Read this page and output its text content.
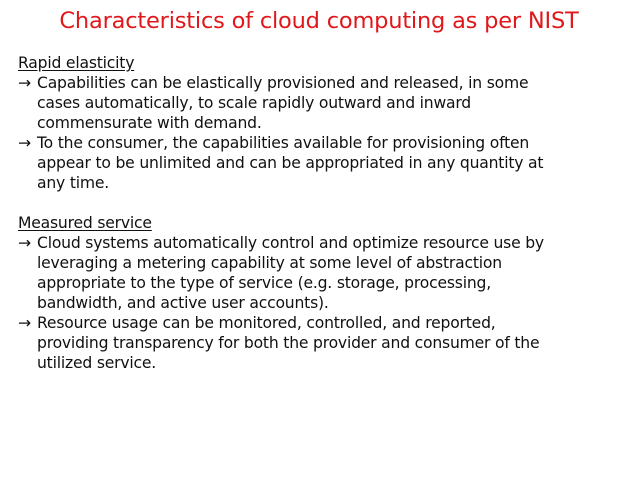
Characteristics of cloud computing as per NIST
Rapid elasticity
→ Capabilities can be elastically provisioned and released, in some
cases automatically, to scale rapidly outward and inward
commensurate with demand.
→ To the consumer, the capabilities available for provisioning often
appear to be unlimited and can be appropriated in any quantity at
any time.
Measured service
→ Cloud systems automatically control and optimize resource use by
leveraging a metering capability at some level of abstraction
appropriate to the type of service (e.g. storage, processing,
bandwidth, and active user accounts).
→ Resource usage can be monitored, controlled, and reported,
providing transparency for both the provider and consumer of the
utilized service.
